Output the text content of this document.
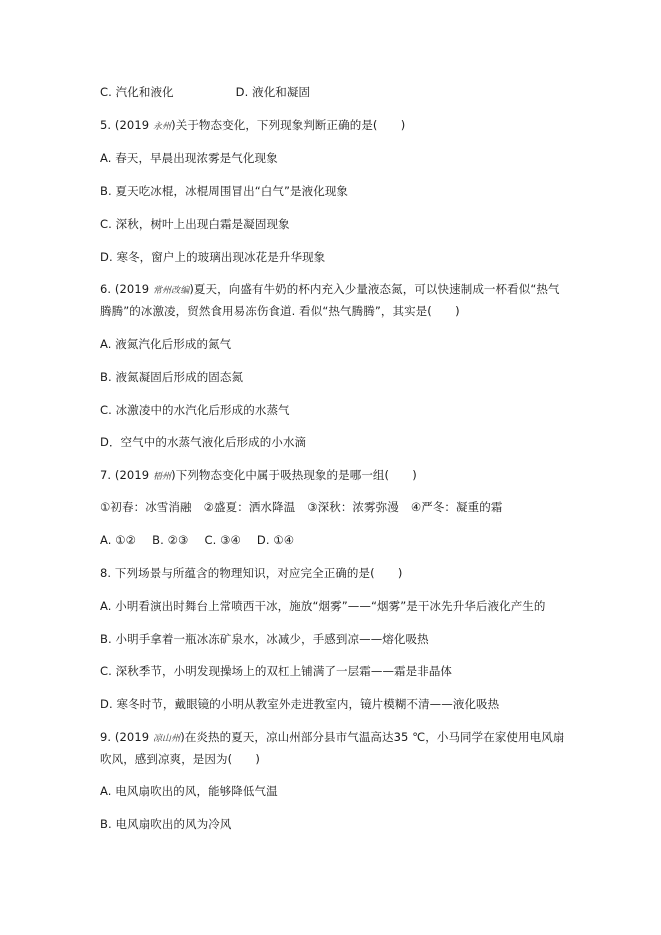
C. 汽化和液化	D. 液化和凝固
5. (2019 永州)关于物态变化，下列现象判断正确的是(　　)
A. 春天，早晨出现浓雾是气化现象
B. 夏天吃冰棍，冰棍周围冒出“白气”是液化现象
C. 深秋，树叶上出现白霜是凝固现象
D. 寒冬，窗户上的玻璃出现冰花是升华现象
6. (2019 常州改编)夏天，向盛有牛奶的杯内充入少量液态氮，可以快速制成一杯看似“热气
腾腾”的冰激凌，贸然食用易冻伤食道. 看似“热气腾腾”，其实是(　　)
A. 液氮汽化后形成的氮气
B. 液氮凝固后形成的固态氮
C. 冰激凌中的水汽化后形成的水蒸气
D．空气中的水蒸气液化后形成的小水滴
7. (2019 梧州)下列物态变化中属于吸热现象的是哪一组(　　)
①初春：冰雪消融 ②盛夏：洒水降温 ③深秋：浓雾弥漫 ④严冬：凝重的霜
A. ①② B. ②③ C. ③④ D. ①④
8. 下列场景与所蕴含的物理知识，对应完全正确的是(　　)
A. 小明看演出时舞台上常喷西干冰，施放“烟雾”——“烟雾”是干冰先升华后液化产生的
B. 小明手拿着一瓶冰冻矿泉水，冰减少，手感到凉——熔化吸热
C. 深秋季节，小明发现操场上的双杠上铺满了一层霜——霜是非晶体
D. 寒冬时节，戴眼镜的小明从教室外走进教室内，镜片模糊不清——液化吸热
9. (2019 凉山州)在炎热的夏天，凉山州部分县市气温高达35 ℃，小马同学在家使用电风扇
吹风，感到凉爽，是因为(　　)
A. 电风扇吹出的风，能够降低气温
B. 电风扇吹出的风为冷风
